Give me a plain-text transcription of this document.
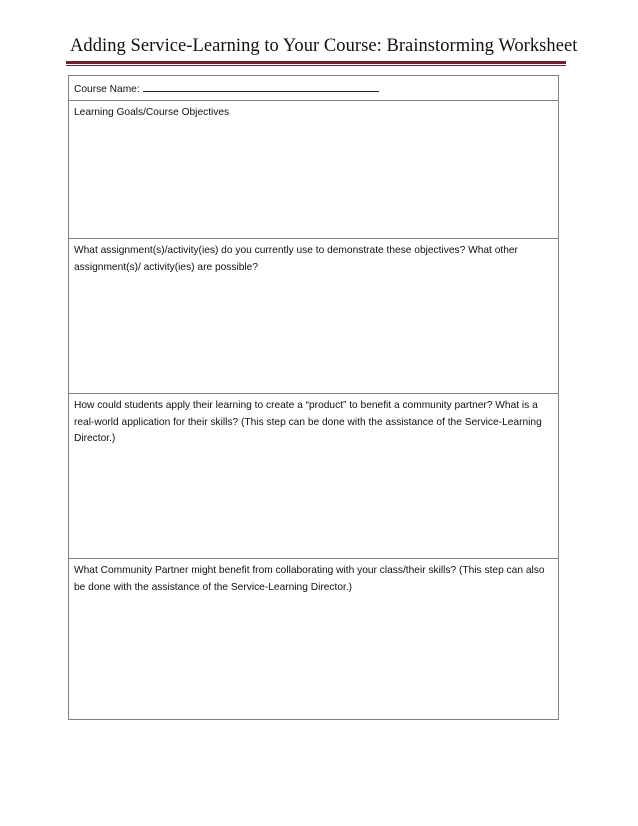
Adding Service-Learning to Your Course: Brainstorming Worksheet
Course Name:
Learning Goals/Course Objectives
What assignment(s)/activity(ies) do you currently use to demonstrate these objectives? What other assignment(s)/ activity(ies) are possible?
How could students apply their learning to create a “product” to benefit a community partner? What is a real-world application for their skills? (This step can be done with the assistance of the Service-Learning Director.)
What Community Partner might benefit from collaborating with your class/their skills? (This step can also be done with the assistance of the Service-Learning Director.)
